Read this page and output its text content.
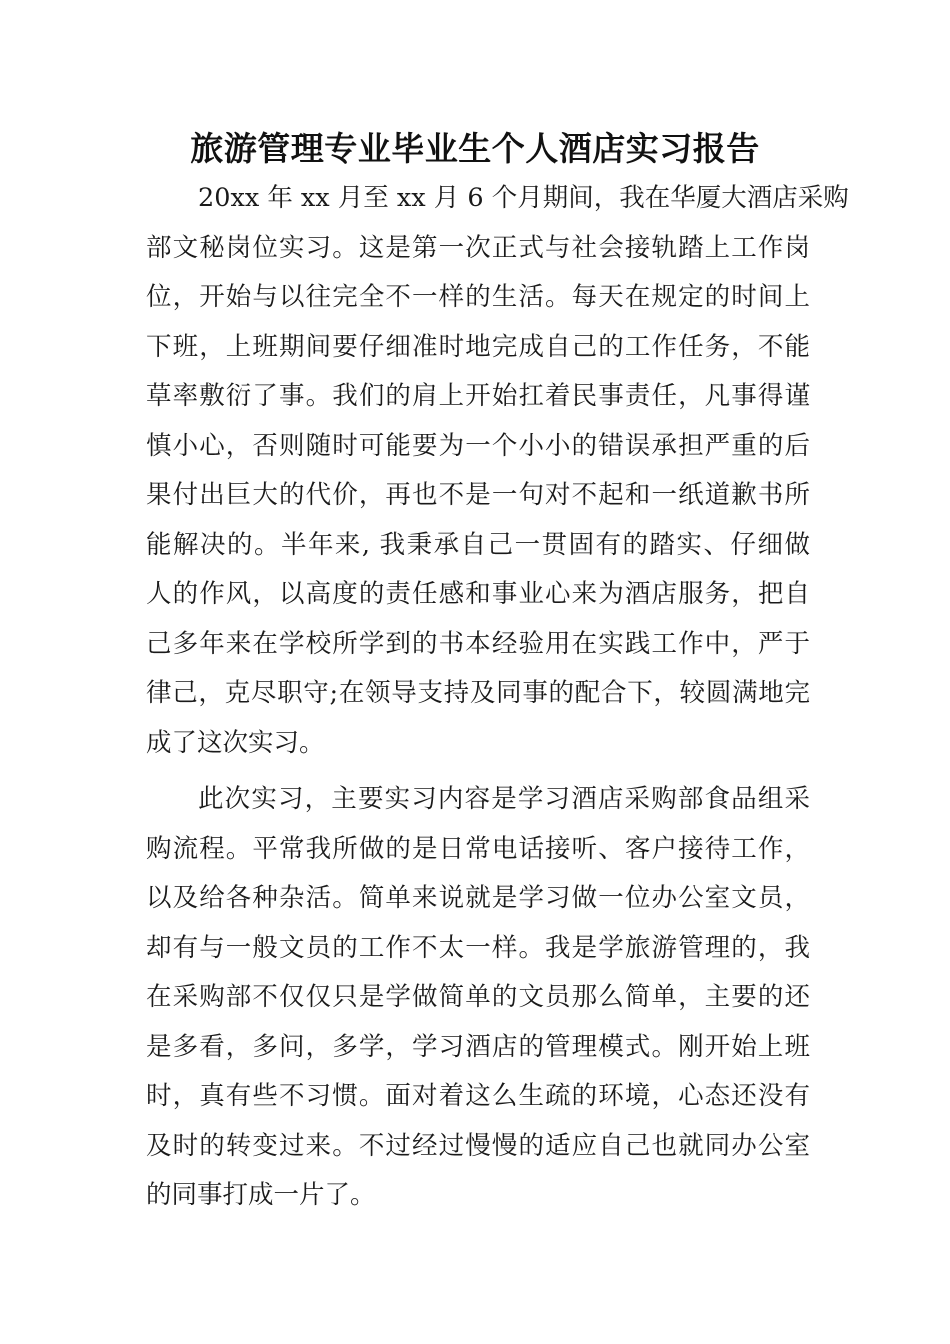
旅游管理专业毕业生个人酒店实习报告
20xx 年 xx 月至 xx 月 6 个月期间，我在华厦大酒店采购
部文秘岗位实习。这是第一次正式与社会接轨踏上工作岗
位，开始与以往完全不一样的生活。每天在规定的时间上
下班，上班期间要仔细准时地完成自己的工作任务，不能
草率敷衍了事。我们的肩上开始扛着民事责任，凡事得谨
慎小心，否则随时可能要为一个小小的错误承担严重的后
果付出巨大的代价，再也不是一句对不起和一纸道歉书所
能解决的。半年来, 我秉承自己一贯固有的踏实、仔细做
人的作风，以高度的责任感和事业心来为酒店服务，把自
己多年来在学校所学到的书本经验用在实践工作中，严于
律己，克尽职守;在领导支持及同事的配合下，较圆满地完
成了这次实习。
此次实习，主要实习内容是学习酒店采购部食品组采
购流程。平常我所做的是日常电话接听、客户接待工作，
以及给各种杂活。简单来说就是学习做一位办公室文员，
却有与一般文员的工作不太一样。我是学旅游管理的，我
在采购部不仅仅只是学做简单的文员那么简单，主要的还
是多看，多问，多学，学习酒店的管理模式。刚开始上班
时，真有些不习惯。面对着这么生疏的环境，心态还没有
及时的转变过来。不过经过慢慢的适应自己也就同办公室
的同事打成一片了。
